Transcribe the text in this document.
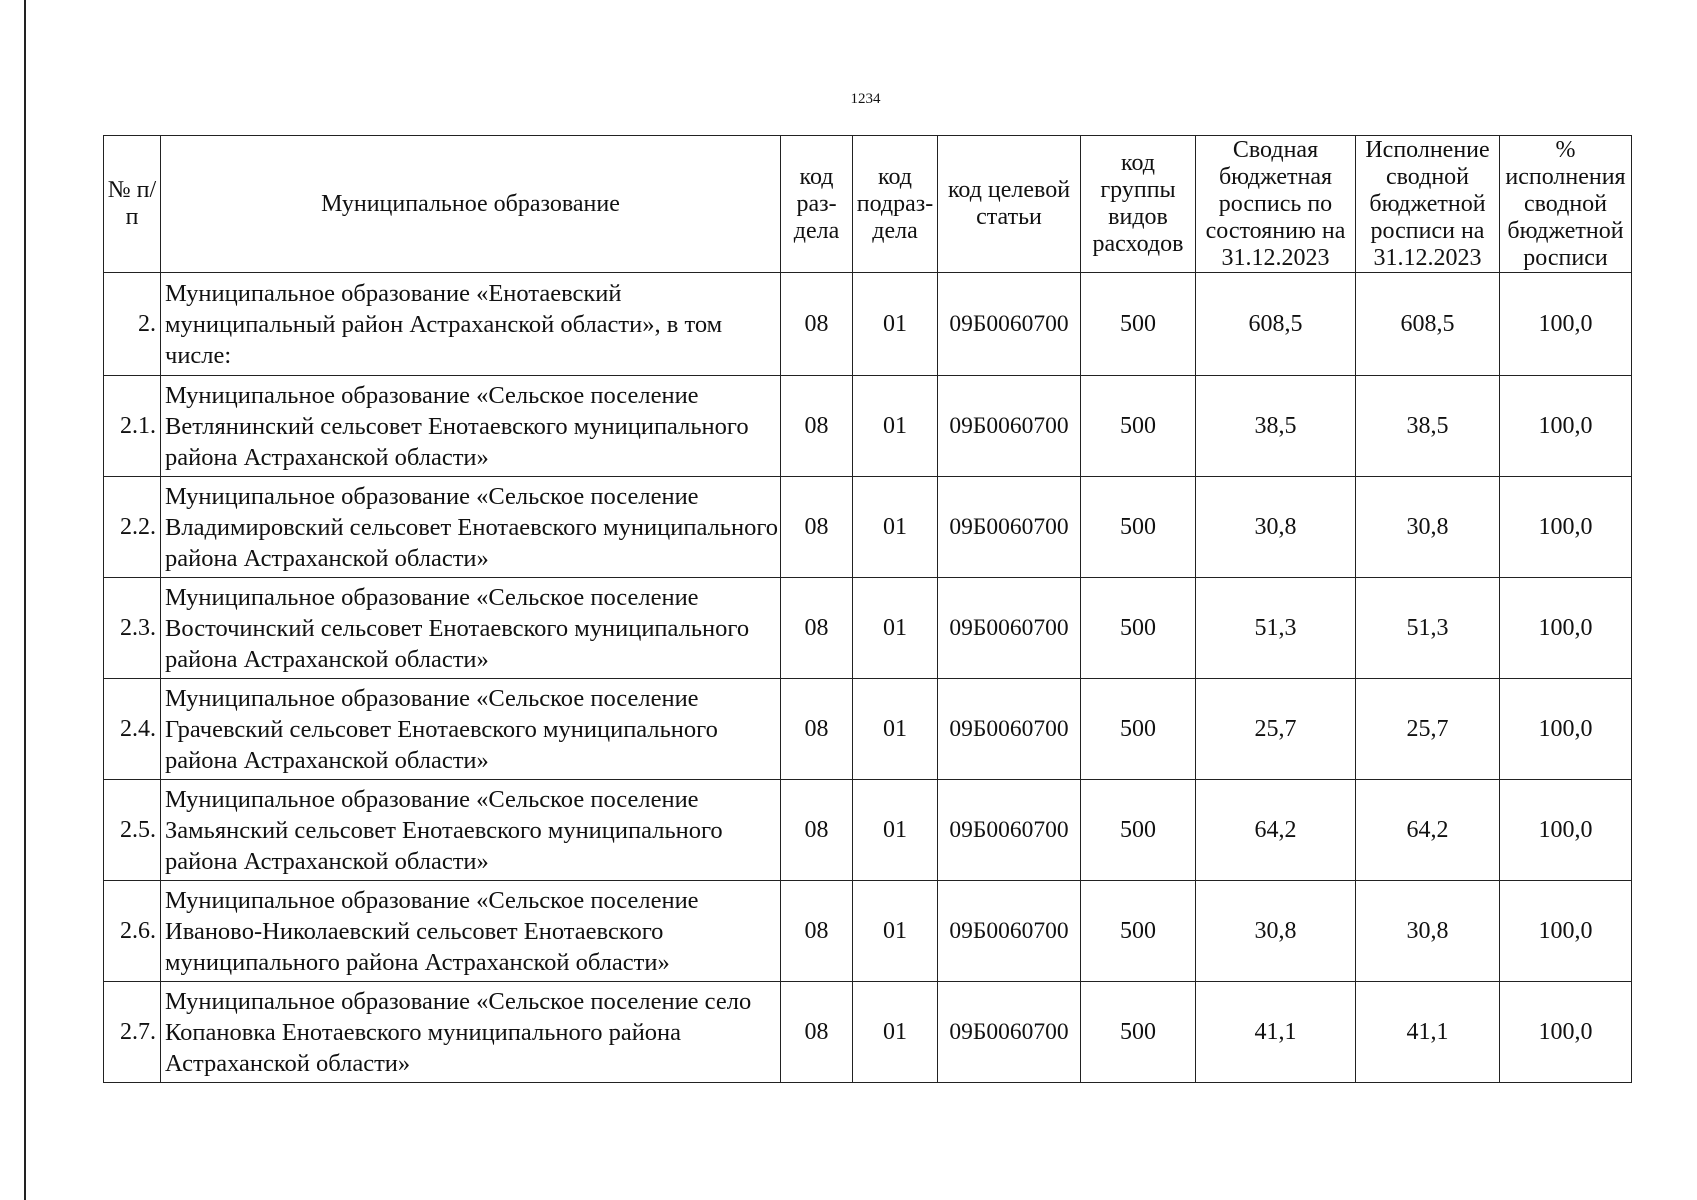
1234
№ п/п	Муниципальное образование	код раз-дела	код подраз-дела	код целевой статьи	код группы видов расходов	Сводная бюджетная роспись по состоянию на 31.12.2023	Исполнение сводной бюджетной росписи на 31.12.2023	% исполнения сводной бюджетной росписи
2.	Муниципальное образование «Енотаевский муниципальный район Астраханской области», в том числе:	08	01	09Б0060700	500	608,5	608,5	100,0
2.1.	Муниципальное образование «Сельское поселение Ветлянинский сельсовет Енотаевского муниципального района Астраханской области»	08	01	09Б0060700	500	38,5	38,5	100,0
2.2.	Муниципальное образование «Сельское поселение Владимировский сельсовет Енотаевского муниципального района Астраханской области»	08	01	09Б0060700	500	30,8	30,8	100,0
2.3.	Муниципальное образование «Сельское поселение Восточинский сельсовет Енотаевского муниципального района Астраханской области»	08	01	09Б0060700	500	51,3	51,3	100,0
2.4.	Муниципальное образование «Сельское поселение Грачевский сельсовет Енотаевского муниципального района Астраханской области»	08	01	09Б0060700	500	25,7	25,7	100,0
2.5.	Муниципальное образование «Сельское поселение Замьянский сельсовет Енотаевского муниципального района Астраханской области»	08	01	09Б0060700	500	64,2	64,2	100,0
2.6.	Муниципальное образование «Сельское поселение Ивановo-Николаевский сельсовет Енотаевского муниципального района Астраханской области»	08	01	09Б0060700	500	30,8	30,8	100,0
2.7.	Муниципальное образование «Сельское поселение село Копановка Енотаевского муниципального района Астраханской области»	08	01	09Б0060700	500	41,1	41,1	100,0
